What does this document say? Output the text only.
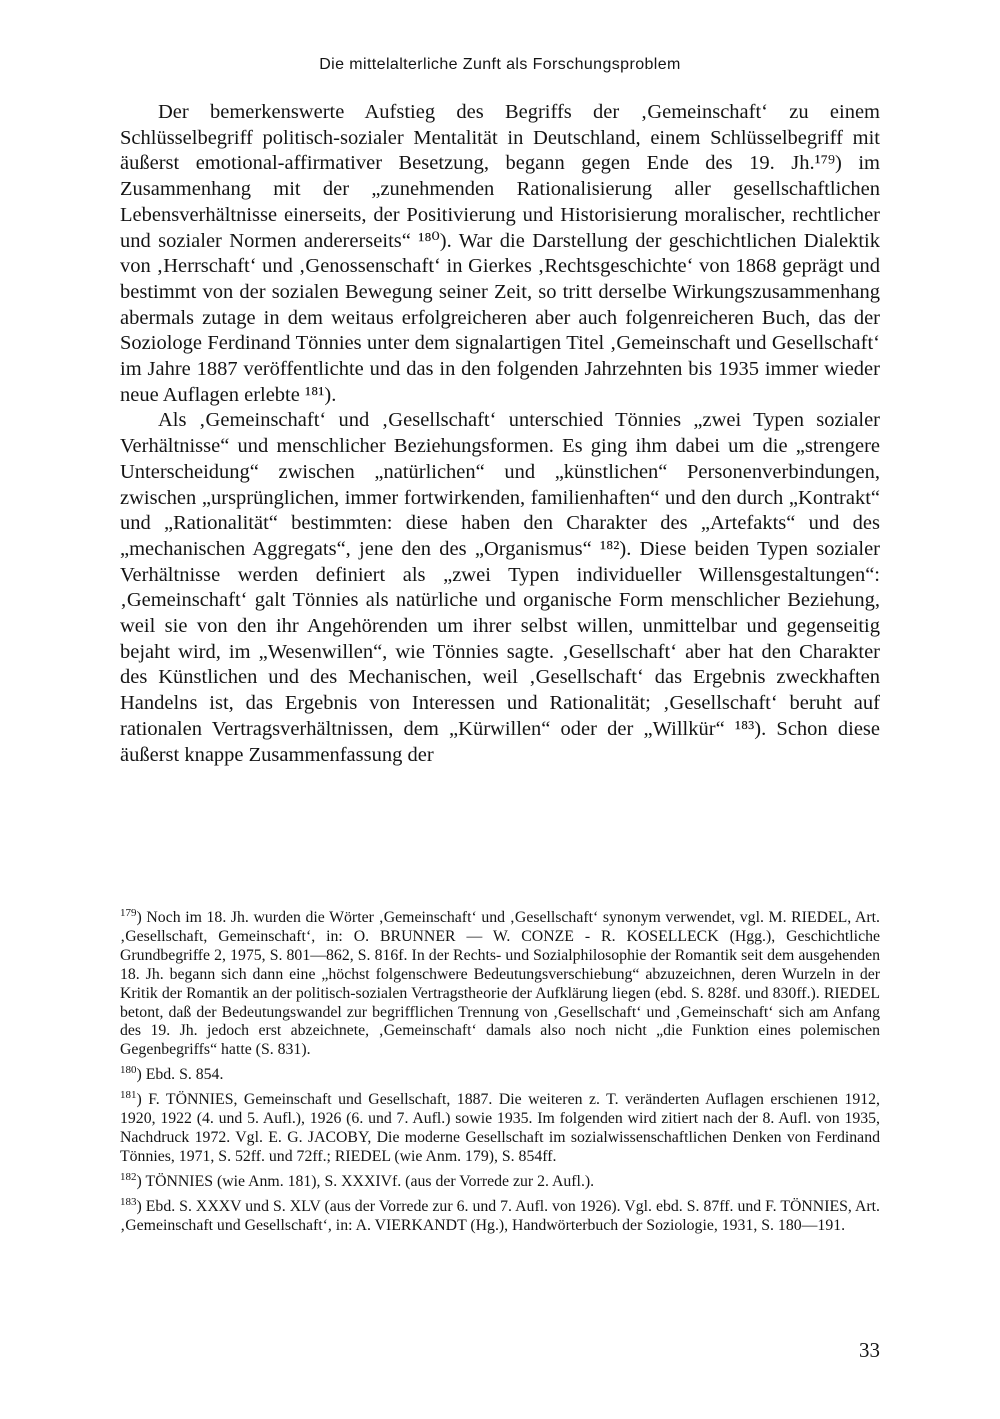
Die mittelalterliche Zunft als Forschungsproblem

Der bemerkenswerte Aufstieg des Begriffs der ‚Gemeinschaft‘ zu einem Schlüsselbegriff politisch-sozialer Mentalität in Deutschland, einem Schlüsselbegriff mit äußerst emotional-affirmativer Besetzung, begann gegen Ende des 19. Jh.¹⁷⁹) im Zusammenhang mit der „zunehmenden Rationalisierung aller gesellschaftlichen Lebensverhältnisse einerseits, der Positivierung und Historisierung moralischer, rechtlicher und sozialer Normen andererseits“ ¹⁸⁰). War die Darstellung der geschichtlichen Dialektik von ‚Herrschaft‘ und ‚Genossenschaft‘ in Gierkes ‚Rechtsgeschichte‘ von 1868 geprägt und bestimmt von der sozialen Bewegung seiner Zeit, so tritt derselbe Wirkungszusammenhang abermals zutage in dem weitaus erfolgreicheren aber auch folgenreicheren Buch, das der Soziologe Ferdinand Tönnies unter dem signalartigen Titel ‚Gemeinschaft und Gesellschaft‘ im Jahre 1887 veröffentlichte und das in den folgenden Jahrzehnten bis 1935 immer wieder neue Auflagen erlebte ¹⁸¹).

Als ‚Gemeinschaft‘ und ‚Gesellschaft‘ unterschied Tönnies „zwei Typen sozialer Verhältnisse“ und menschlicher Beziehungsformen. Es ging ihm dabei um die „strengere Unterscheidung“ zwischen „natürlichen“ und „künstlichen“ Personenverbindungen, zwischen „ursprünglichen, immer fortwirkenden, familienhaften“ und den durch „Kontrakt“ und „Rationalität“ bestimmten: diese haben den Charakter des „Artefakts“ und des „mechanischen Aggregats“, jene den des „Organismus“ ¹⁸²). Diese beiden Typen sozialer Verhältnisse werden definiert als „zwei Typen individueller Willensgestaltungen“: ‚Gemeinschaft‘ galt Tönnies als natürliche und organische Form menschlicher Beziehung, weil sie von den ihr Angehörenden um ihrer selbst willen, unmittelbar und gegenseitig bejaht wird, im „Wesenwillen“, wie Tönnies sagte. ‚Gesellschaft‘ aber hat den Charakter des Künstlichen und des Mechanischen, weil ‚Gesellschaft‘ das Ergebnis zweckhaften Handelns ist, das Ergebnis von Interessen und Rationalität; ‚Gesellschaft‘ beruht auf rationalen Vertragsverhältnissen, dem „Kürwillen“ oder der „Willkür“ ¹⁸³). Schon diese äußerst knappe Zusammenfassung der

$^{179}$) Noch im 18. Jh. wurden die Wörter ‚Gemeinschaft‘ und ‚Gesellschaft‘ synonym verwendet, vgl. M. RIEDEL, Art. ‚Gesellschaft, Gemeinschaft‘, in: O. BRUNNER — W. CONZE - R. KOSELLECK (Hgg.), Geschichtliche Grundbegriffe 2, 1975, S. 801—862, S. 816f. In der Rechts- und Sozialphilosophie der Romantik seit dem ausgehenden 18. Jh. begann sich dann eine „höchst folgenschwere Bedeutungsverschiebung“ abzuzeichnen, deren Wurzeln in der Kritik der Romantik an der politisch-sozialen Vertragstheorie der Aufklärung liegen (ebd. S. 828f. und 830ff.). RIEDEL betont, daß der Bedeutungswandel zur begrifflichen Trennung von ‚Gesellschaft‘ und ‚Gemeinschaft‘ sich am Anfang des 19. Jh. jedoch erst abzeichnete, ‚Gemeinschaft‘ damals also noch nicht „die Funktion eines polemischen Gegenbegriffs“ hatte (S. 831).

$^{180}$) Ebd. S. 854.

$^{181}$) F. TÖNNIES, Gemeinschaft und Gesellschaft, 1887. Die weiteren z. T. veränderten Auflagen erschienen 1912, 1920, 1922 (4. und 5. Aufl.), 1926 (6. und 7. Aufl.) sowie 1935. Im folgenden wird zitiert nach der 8. Aufl. von 1935, Nachdruck 1972. Vgl. E. G. JACOBY, Die moderne Gesellschaft im sozialwissenschaftlichen Denken von Ferdinand Tönnies, 1971, S. 52ff. und 72ff.; RIEDEL (wie Anm. 179), S. 854ff.

$^{182}$) TÖNNIES (wie Anm. 181), S. XXXIVf. (aus der Vorrede zur 2. Aufl.).

$^{183}$) Ebd. S. XXXV und S. XLV (aus der Vorrede zur 6. und 7. Aufl. von 1926). Vgl. ebd. S. 87ff. und F. TÖNNIES, Art. ‚Gemeinschaft und Gesellschaft‘, in: A. VIERKANDT (Hg.), Handwörterbuch der Soziologie, 1931, S. 180—191.

33
